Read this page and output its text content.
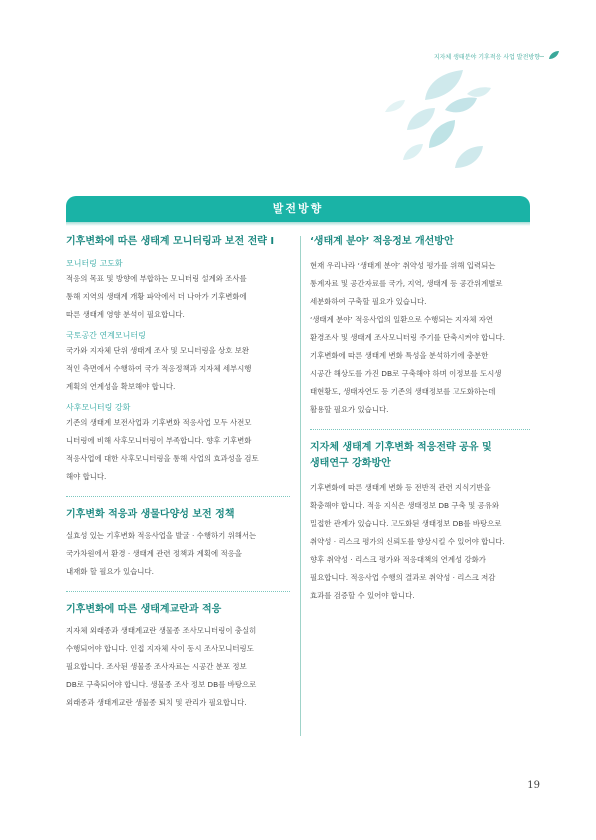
지자체 생태분야 기후적응 사업 발전방향
발전방향
기후변화에 따른 생태계 모니터링과 보전 전략 Ⅰ
모니터링 고도화
적응의 목표 및 방향에 부합하는 모니터링 설계와 조사를
통해 지역의 생태계 개황 파악에서 더 나아가 기후변화에
따른 생태계 영향 분석이 필요합니다.
국토공간 연계모니터링
국가와 지자체 단위 생태계 조사 및 모니터링을 상호 보완
적인 측면에서 수행하여 국가 적응정책과 지자체 세부시행
계획의 연계성을 확보해야 합니다.
사후모니터링 강화
기존의 생태계 보전사업과 기후변화 적응사업 모두 사전모
니터링에 비해 사후모니터링이 부족합니다. 향후 기후변화
적응사업에 대한 사후모니터링을 통해 사업의 효과성을 검토
해야 합니다.
기후변화 적응과 생물다양성 보전 정책
실효성 있는 기후변화 적응사업을 발굴 · 수행하기 위해서는
국가차원에서 환경 · 생태계 관련 정책과 계획에 적응을
내재화 할 필요가 있습니다.
기후변화에 따른 생태계교란과 적응
지자체 외래종과 생태계교란 생물종 조사모니터링이 충실히
수행되어야 합니다. 인접 지자체 사이 동시 조사모니터링도
필요합니다. 조사된 생물종 조사자료는 시공간 분포 정보
DB로 구축되어야 합니다. 생물종 조사 정보 DB를 바탕으로
외래종과 생태계교란 생물종 퇴치 및 관리가 필요합니다.
‘생태계 분야’ 적응정보 개선방안
현재 우리나라 ‘생태계 분야’ 취약성 평가를 위해 입력되는
통계자료 및 공간자료를 국가, 지역, 생태계 등 공간위계별로
세분화하여 구축할 필요가 있습니다.
‘생태계 분야’ 적응사업의 일환으로 수행되는 지자체 자연
환경조사 및 생태계 조사모니터링 주기를 단축시켜야 합니다.
기후변화에 따른 생태계 변화 특성을 분석하기에 충분한
시공간 해상도를 가진 DB로 구축해야 하며 이정보를 도시생
태현황도, 생태자연도 등 기존의 생태정보를 고도화하는데
활용할 필요가 있습니다.
지자체 생태계 기후변화 적응전략 공유 및
생태연구 강화방안
기후변화에 따른 생태계 변화 등 전반적 관련 지식기반을
확충해야 합니다. 적응 지식은 생태정보 DB 구축 및 공유와
밀접한 관계가 있습니다. 고도화된 생태정보 DB를 바탕으로
취약성 · 리스크 평가의 신뢰도를 향상시킬 수 있어야 합니다.
향후 취약성 · 리스크 평가와 적응대책의 연계성 강화가
필요합니다. 적응사업 수행의 결과로 취약성 · 리스크 저감
효과를 검증할 수 있어야 합니다.
19
